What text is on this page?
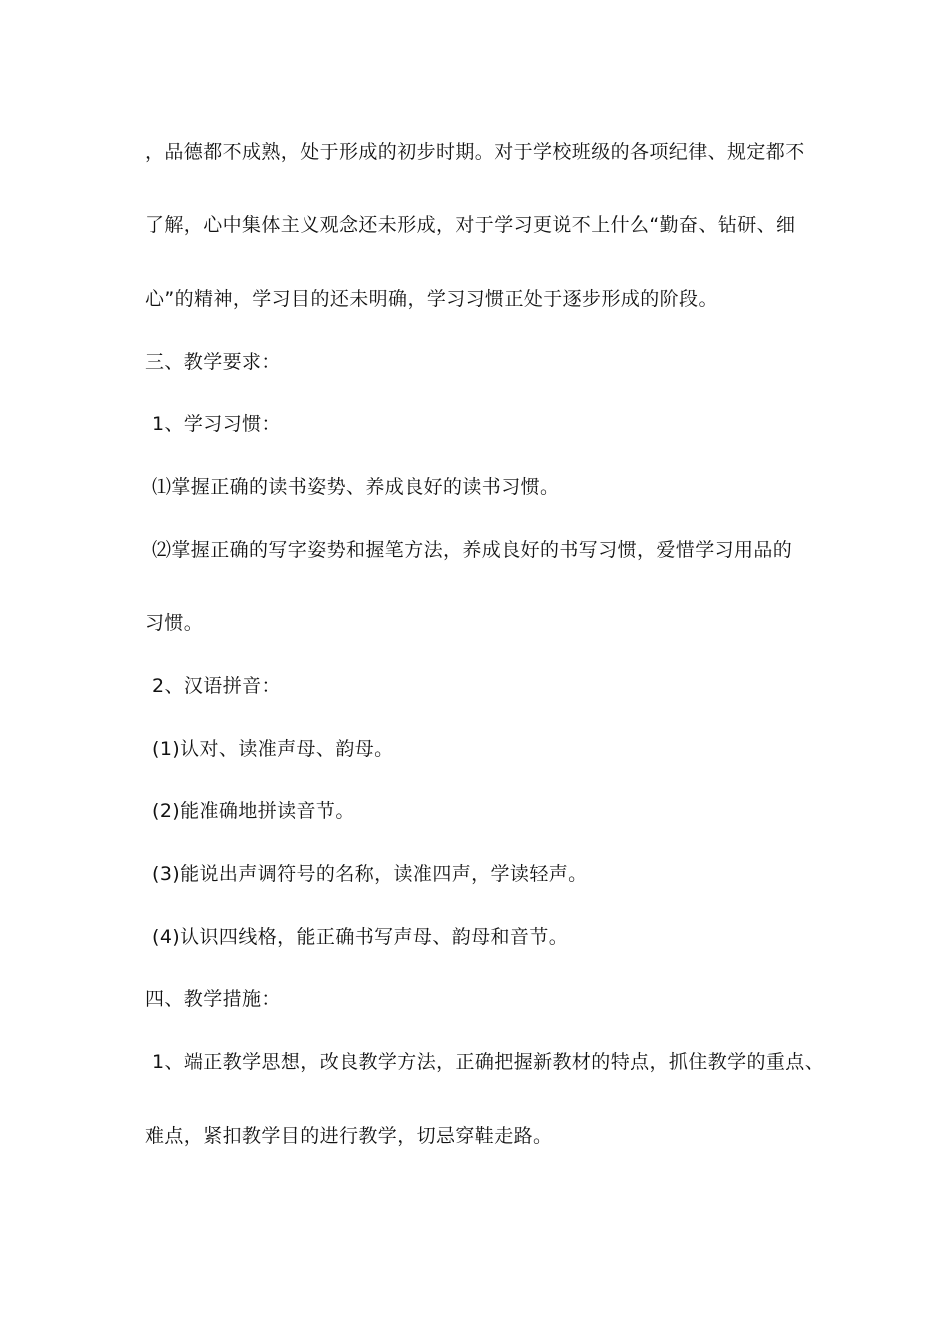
，品德都不成熟，处于形成的初步时期。对于学校班级的各项纪律、规定都不
了解，心中集体主义观念还未形成，对于学习更说不上什么“勤奋、钻研、细
心”的精神，学习目的还未明确，学习习惯正处于逐步形成的阶段。
三、教学要求：
1、学习习惯：
⑴掌握正确的读书姿势、养成良好的读书习惯。
⑵掌握正确的写字姿势和握笔方法，养成良好的书写习惯，爱惜学习用品的
习惯。
2、汉语拼音：
(1)认对、读准声母、韵母。
(2)能准确地拼读音节。
(3)能说出声调符号的名称，读准四声，学读轻声。
(4)认识四线格，能正确书写声母、韵母和音节。
四、教学措施：
1、端正教学思想，改良教学方法，正确把握新教材的特点，抓住教学的重点、
难点，紧扣教学目的进行教学，切忌穿鞋走路。
